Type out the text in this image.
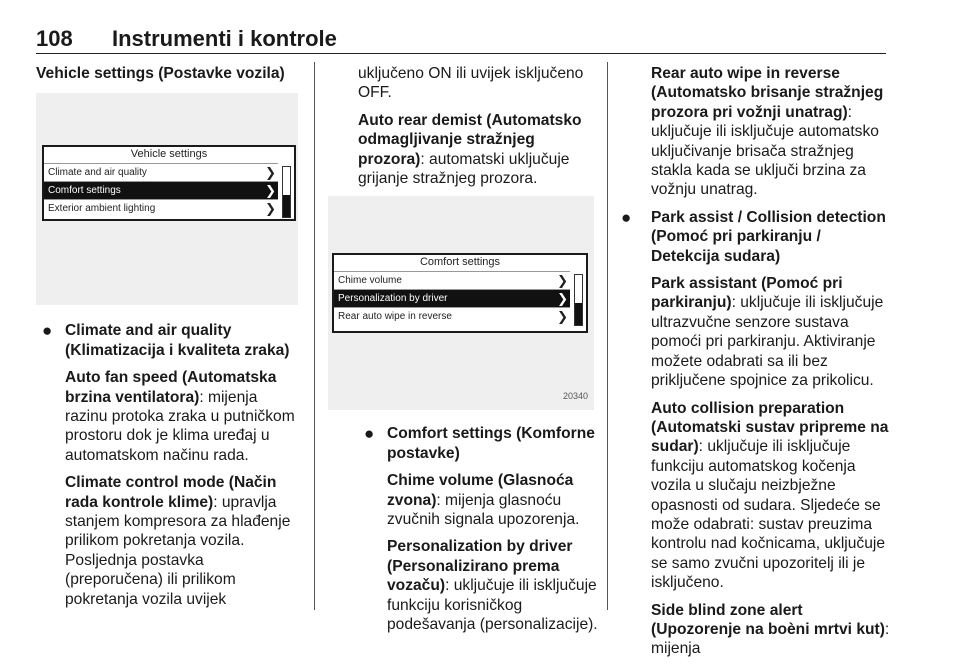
108 Instrumenti i kontrole
Vehicle settings (Postavke vozila)
Vehicle settings
Climate and air quality	❯
Comfort settings	❯
Exterior ambient lighting	❯
● Climate and air quality (Klimatizacija i kvaliteta zraka)

Auto fan speed (Automatska brzina ventilatora): mijenja razinu protoka zraka u putničkom prostoru dok je klima uređaj u automatskom načinu rada.

Climate control mode (Način rada kontrole klime): upravlja stanjem kompresora za hlađenje prilikom pokretanja vozila. Posljednja postavka (preporučena) ili prilikom pokretanja vozila uvijek

uključeno ON ili uvijek isključeno OFF.

Auto rear demist (Automatsko odmagljivanje stražnjeg prozora): automatski uključuje grijanje stražnjeg prozora.

Comfort settings
Chime volume	❯
Personalization by driver	❯
Rear auto wipe in reverse	❯
20340
● Comfort settings (Komforne postavke)

Chime volume (Glasnoća zvona): mijenja glasnoću zvučnih signala upozorenja.

Personalization by driver (Personalizirano prema vozaču): uključuje ili isključuje funkciju korisničkog podešavanja (personalizacije).

Rear auto wipe in reverse (Automatsko brisanje stražnjeg prozora pri vožnji unatrag): uključuje ili isključuje automatsko uključivanje brisača stražnjeg stakla kada se uključi brzina za vožnju unatrag.

● Park assist / Collision detection (Pomoć pri parkiranju / Detekcija sudara)

Park assistant (Pomoć pri parkiranju): uključuje ili isključuje ultrazvučne senzore sustava pomoći pri parkiranju. Aktiviranje možete odabrati sa ili bez priključene spojnice za prikolicu.

Auto collision preparation (Automatski sustav pripreme na sudar): uključuje ili isključuje funkciju automatskog kočenja vozila u slučaju neizbježne opasnosti od sudara. Sljedeće se može odabrati: sustav preuzima kontrolu nad kočnicama, uključuje se samo zvučni upozoritelj ili je isključeno.

Side blind zone alert (Upozorenje na boèni mrtvi kut): mijenja
